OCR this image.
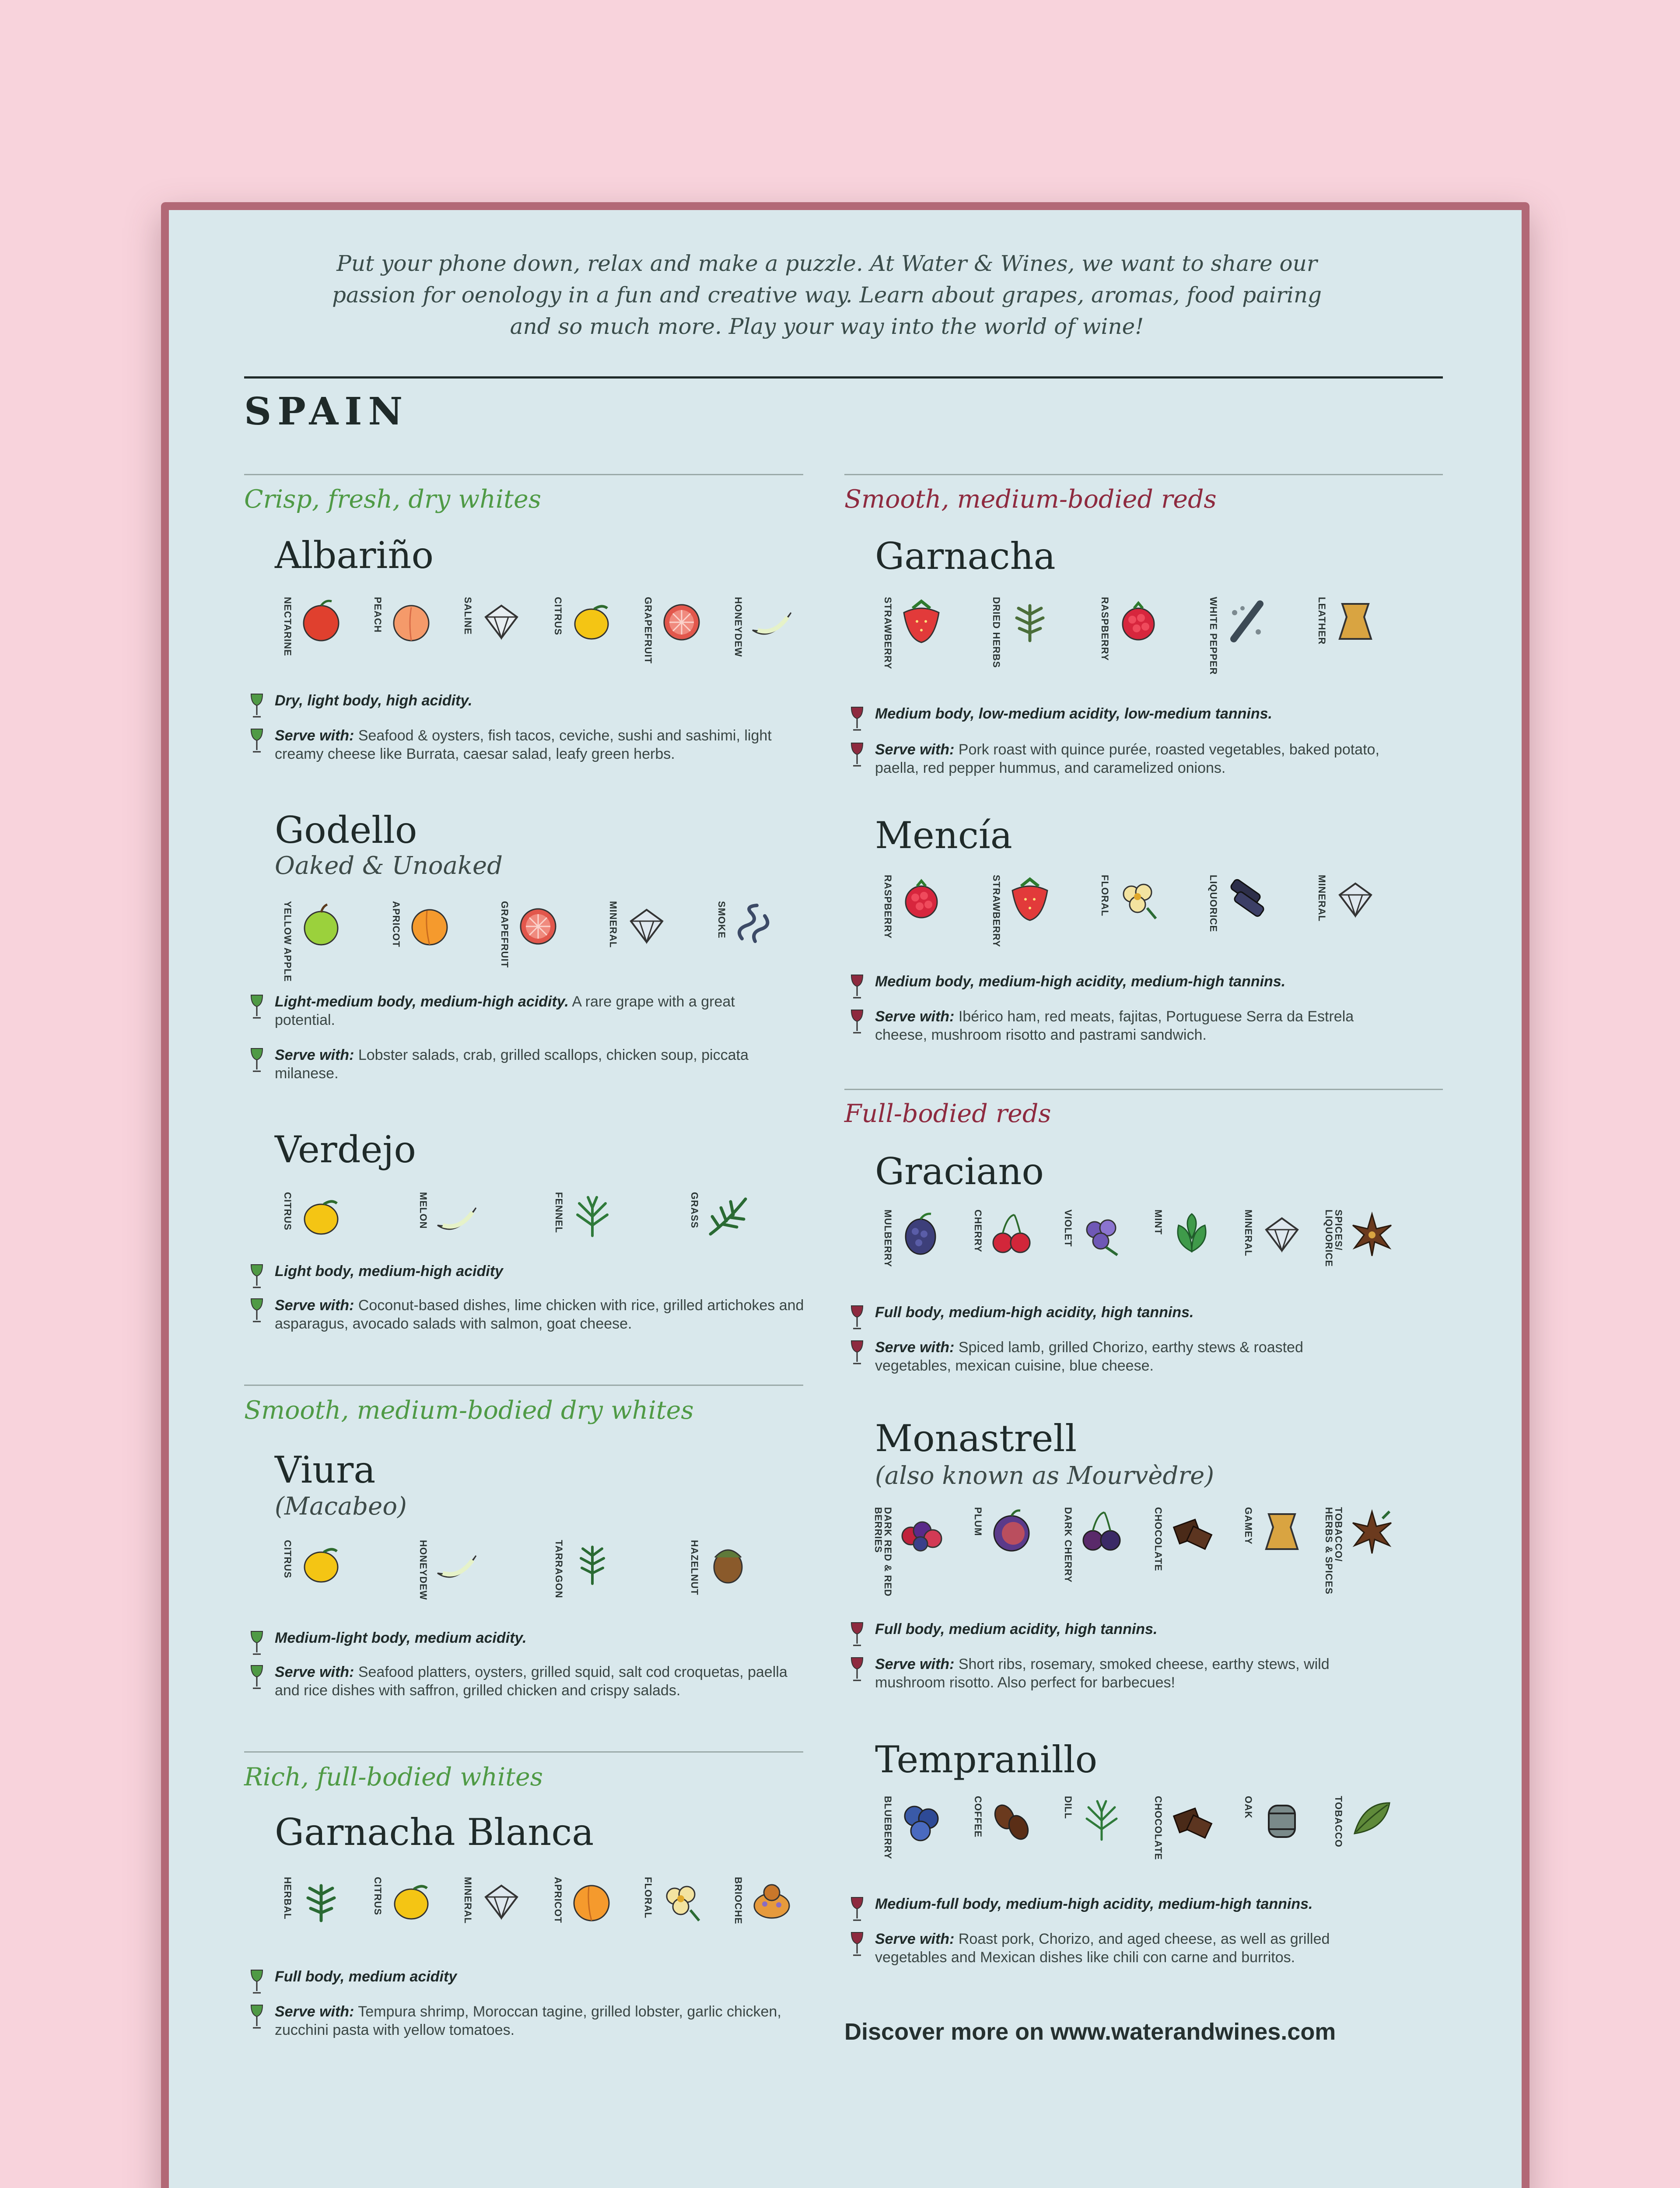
Put your phone down, relax and make a puzzle. At Water & Wines, we want to share our passion for oenology in a fun and creative way. Learn about grapes, aromas, food pairing and so much more. Play your way into the world of wine!
SPAIN
Crisp, fresh, dry whites
Albariño
NECTARINE	PEACH	SALINE	CITRUS	GRAPEFRUIT	HONEYDEW
Dry, light body, high acidity.
Serve with: Seafood & oysters, fish tacos, ceviche, sushi and sashimi, light creamy cheese like Burrata, caesar salad, leafy green herbs.
Godello
Oaked & Unoaked
YELLOW APPLE	APRICOT	GRAPEFRUIT	MINERAL	SMOKE
Light-medium body, medium-high acidity. A rare grape with a great potential.
Serve with: Lobster salads, crab, grilled scallops, chicken soup, piccata milanese.
Verdejo
CITRUS	MELON	FENNEL	GRASS
Light body, medium-high acidity
Serve with: Coconut-based dishes, lime chicken with rice, grilled artichokes and asparagus, avocado salads with salmon, goat cheese.
Smooth, medium-bodied dry whites
Viura
(Macabeo)
CITRUS	HONEYDEW	TARRAGON	HAZELNUT
Medium-light body, medium acidity.
Serve with: Seafood platters, oysters, grilled squid, salt cod croquetas, paella and rice dishes with saffron, grilled chicken and crispy salads.
Rich, full-bodied whites
Garnacha Blanca
HERBAL	CITRUS	MINERAL	APRICOT	FLORAL	BRIOCHE
Full body, medium acidity
Serve with: Tempura shrimp, Moroccan tagine, grilled lobster, garlic chicken, zucchini pasta with yellow tomatoes.
Smooth, medium-bodied reds
Garnacha
STRAWBERRY	DRIED HERBS	RASPBERRY	WHITE PEPPER	LEATHER
Medium body, low-medium acidity, low-medium tannins.
Serve with: Pork roast with quince purée, roasted vegetables, baked potato, paella, red pepper hummus, and caramelized onions.
Mencía
RASPBERRY	STRAWBERRY	FLORAL	LIQUORICE	MINERAL
Medium body, medium-high acidity, medium-high tannins.
Serve with: Ibérico ham, red meats, fajitas, Portuguese Serra da Estrela cheese, mushroom risotto and pastrami sandwich.
Full-bodied reds
Graciano
MULBERRY	CHERRY	VIOLET	MINT	MINERAL	SPICES/ LIQUORICE
Full body, medium-high acidity, high tannins.
Serve with: Spiced lamb, grilled Chorizo, earthy stews & roasted vegetables, mexican cuisine, blue cheese.
Monastrell
(also known as Mourvèdre)
DARK RED & RED BERRIES	PLUM	DARK CHERRY	CHOCOLATE	GAMEY	TOBACCO/ HERBS & SPICES
Full body, medium acidity, high tannins.
Serve with: Short ribs, rosemary, smoked cheese, earthy stews, wild mushroom risotto. Also perfect for barbecues!
Tempranillo
BLUEBERRY	COFFEE	DILL	CHOCOLATE	OAK	TOBACCO
Medium-full body, medium-high acidity, medium-high tannins.
Serve with: Roast pork, Chorizo, and aged cheese, as well as grilled vegetables and Mexican dishes like chili con carne and burritos.
Discover more on www.waterandwines.com
